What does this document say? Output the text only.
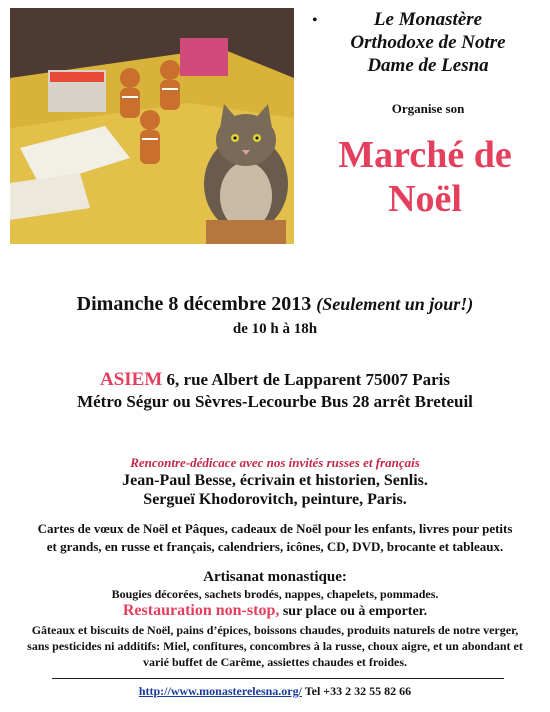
•	Le Monastère
Orthodoxe de Notre
Dame de Lesna
Organise son
Marché de
Noël
Dimanche 8 décembre 2013 (Seulement un jour!)
de 10 h à 18h
ASIEM 6, rue Albert de Lapparent 75007 Paris
Métro Ségur ou Sèvres-Lecourbe Bus 28 arrêt Breteuil
Rencontre-dédicace avec nos invités russes et français
Jean-Paul Besse, écrivain et historien, Senlis.
Sergueï Khodorovitch, peinture, Paris.
Cartes de vœux de Noël et Pâques, cadeaux de Noël pour les enfants, livres pour petits
et grands, en russe et français, calendriers, icônes, CD, DVD, brocante et tableaux.
Artisanat monastique:
Bougies décorées, sachets brodés, nappes, chapelets, pommades.
Restauration non-stop, sur place ou à emporter.
Gâteaux et biscuits de Noël, pains d’épices, boissons chaudes, produits naturels de notre verger,
sans pesticides ni additifs: Miel, confitures, concombres à la russe, choux aigre, et un abondant et
varié buffet de Carême, assiettes chaudes et froides.
http://www.monasterelesna.org/ Tel +33 2 32 55 82 66
